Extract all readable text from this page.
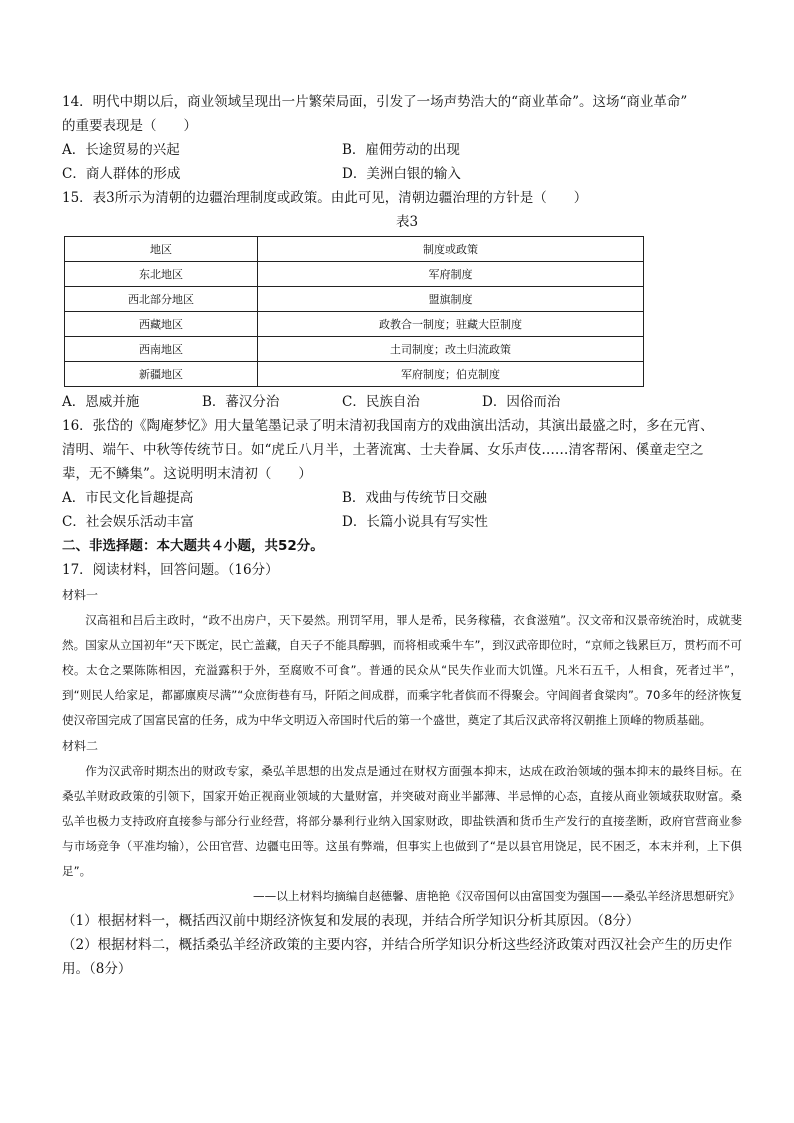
14．明代中期以后，商业领域呈现出一片繁荣局面，引发了一场声势浩大的“商业革命”。这场“商业革命”
的重要表现是（　　）
A．长途贸易的兴起	B．雇佣劳动的出现
C．商人群体的形成	D．美洲白银的输入
15．表3所示为清朝的边疆治理制度或政策。由此可见，清朝边疆治理的方针是（　　）
表3
地区	制度或政策
东北地区	军府制度
西北部分地区	盟旗制度
西藏地区	政教合一制度；驻藏大臣制度
西南地区	土司制度；改土归流政策
新疆地区	军府制度；伯克制度
A．恩威并施	B．蕃汉分治	C．民族自治	D．因俗而治
16．张岱的《陶庵梦忆》用大量笔墨记录了明末清初我国南方的戏曲演出活动，其演出最盛之时，多在元宵、
清明、端午、中秋等传统节日。如“虎丘八月半，土著流寓、士夫眷属、女乐声伎……清客帮闲、傒童走空之
辈，无不鳞集”。这说明明末清初（　　）
A．市民文化旨趣提高	B．戏曲与传统节日交融
C．社会娱乐活动丰富	D．长篇小说具有写实性
二、非选择题：本大题共４小题，共52分。
17．阅读材料，回答问题。（16分）
材料一

汉高祖和吕后主政时，“政不出房户，天下晏然。刑罚罕用，罪人是希，民务稼穑，衣食滋殖”。汉文帝和汉景帝统治时，成就斐然。国家从立国初年“天下既定，民亡盖藏，自天子不能具醇驷，而将相或乘牛车”，到汉武帝即位时，“京师之钱累巨万，贯朽而不可校。太仓之粟陈陈相因，充溢露积于外，至腐败不可食”。普通的民众从“民失作业而大饥馑。凡米石五千，人相食，死者过半”，到“则民人给家足，都鄙廪庾尽满”“众庶街巷有马，阡陌之间成群，而乘字牝者傧而不得聚会。守闾阎者食粱肉”。70多年的经济恢复使汉帝国完成了国富民富的任务，成为中华文明迈入帝国时代后的第一个盛世，奠定了其后汉武帝将汉朝推上顶峰的物质基础。

材料二

作为汉武帝时期杰出的财政专家，桑弘羊思想的出发点是通过在财权方面强本抑末，达成在政治领域的强本抑末的最终目标。在桑弘羊财政政策的引领下，国家开始正视商业领域的大量财富，并突破对商业半鄙薄、半忌惮的心态，直接从商业领域获取财富。桑弘羊也极力支持政府直接参与部分行业经营，将部分暴利行业纳入国家财政，即盐铁酒和货币生产发行的直接垄断，政府官营商业参与市场竞争（平准均输），公田官营、边疆屯田等。这虽有弊端，但事实上也做到了“是以县官用饶足，民不困乏，本末并利，上下俱足”。

——以上材料均摘编自赵德馨、唐艳艳《汉帝国何以由富国变为强国——桑弘羊经济思想研究》
（1）根据材料一，概括西汉前中期经济恢复和发展的表现，并结合所学知识分析其原因。（8分）
（2）根据材料二，概括桑弘羊经济政策的主要内容，并结合所学知识分析这些经济政策对西汉社会产生的历史作用。（8分）
